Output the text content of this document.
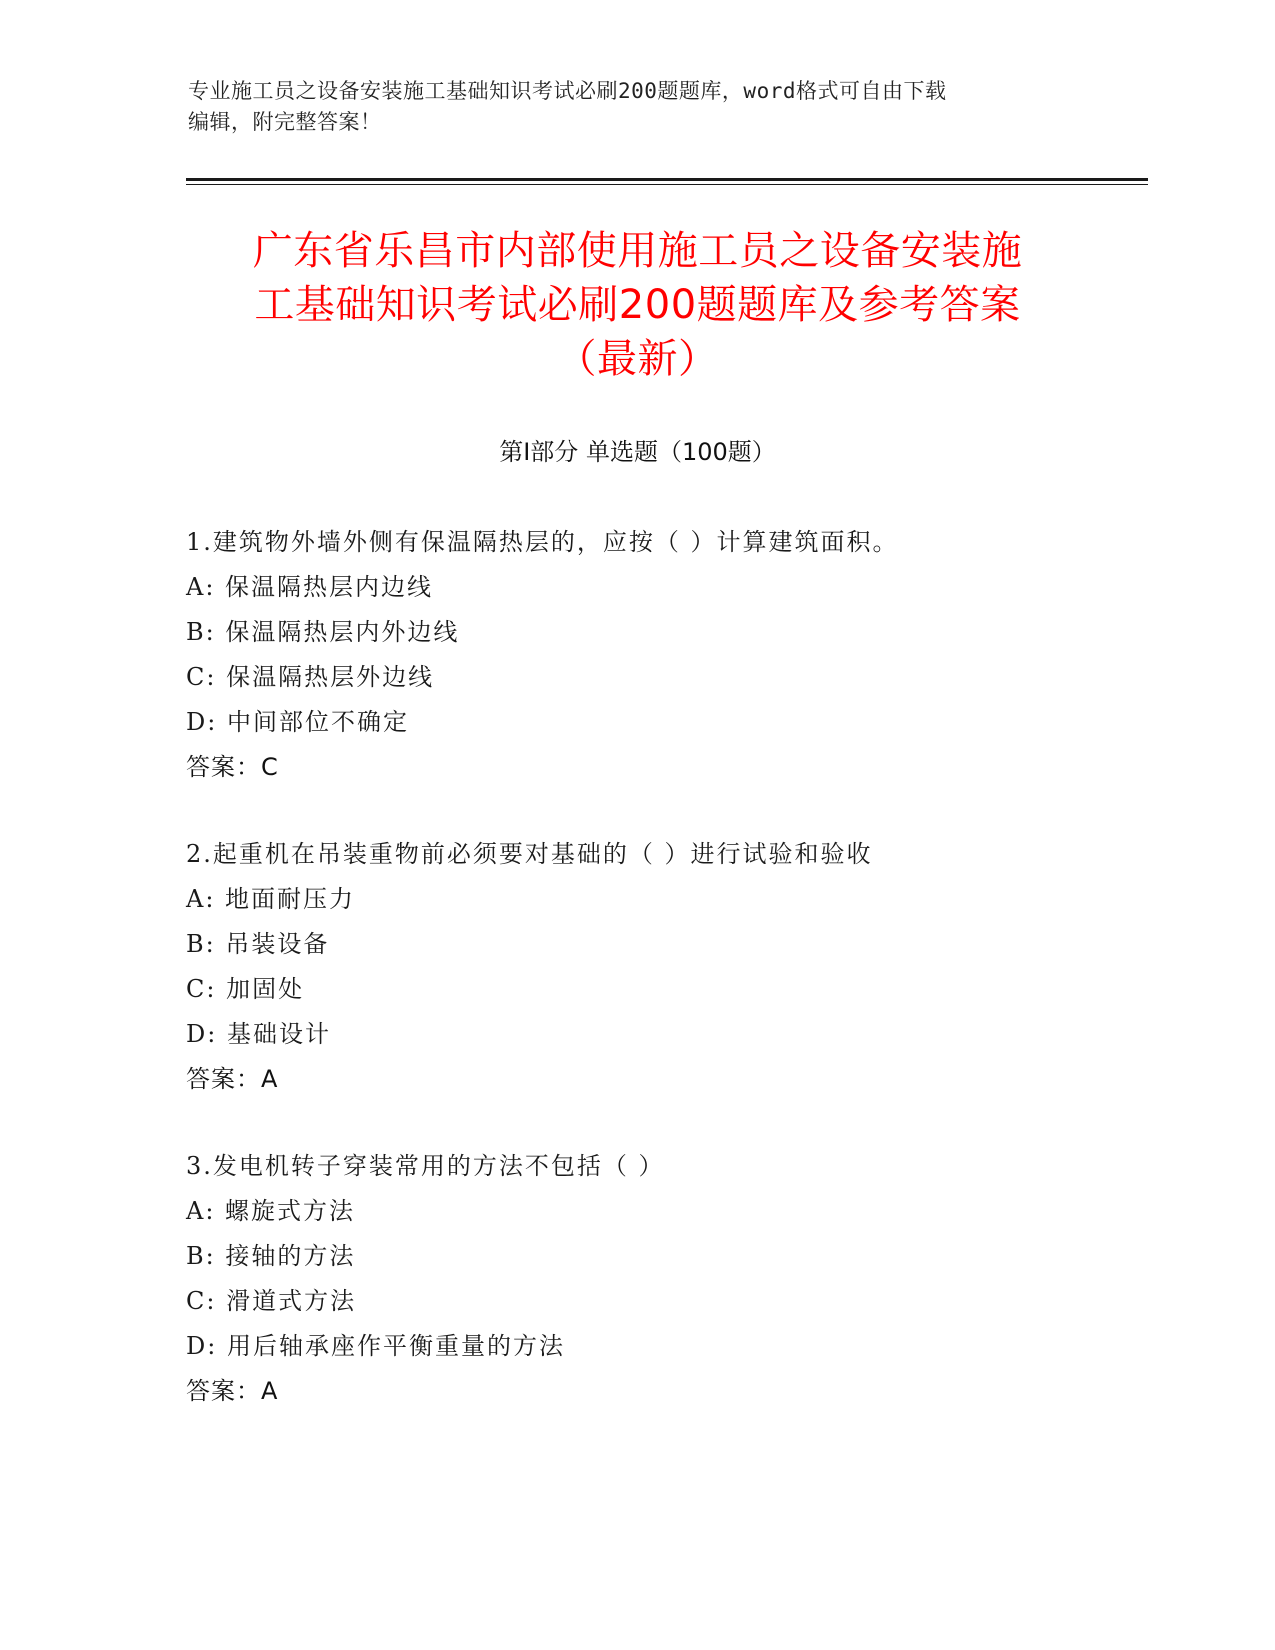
专业施工员之设备安装施工基础知识考试必刷200题题库，word格式可自由下载
编辑，附完整答案！
广东省乐昌市内部使用施工员之设备安装施
工基础知识考试必刷200题题库及参考答案
（最新）
第Ⅰ部分 单选题（100题）
1.建筑物外墙外侧有保温隔热层的，应按（ ）计算建筑面积。
A: 保温隔热层内边线
B: 保温隔热层内外边线
C: 保温隔热层外边线
D: 中间部位不确定
答案：C
2.起重机在吊装重物前必须要对基础的（ ）进行试验和验收
A: 地面耐压力
B: 吊装设备
C: 加固处
D: 基础设计
答案：A
3.发电机转子穿装常用的方法不包括（ ）
A: 螺旋式方法
B: 接轴的方法
C: 滑道式方法
D: 用后轴承座作平衡重量的方法
答案：A
